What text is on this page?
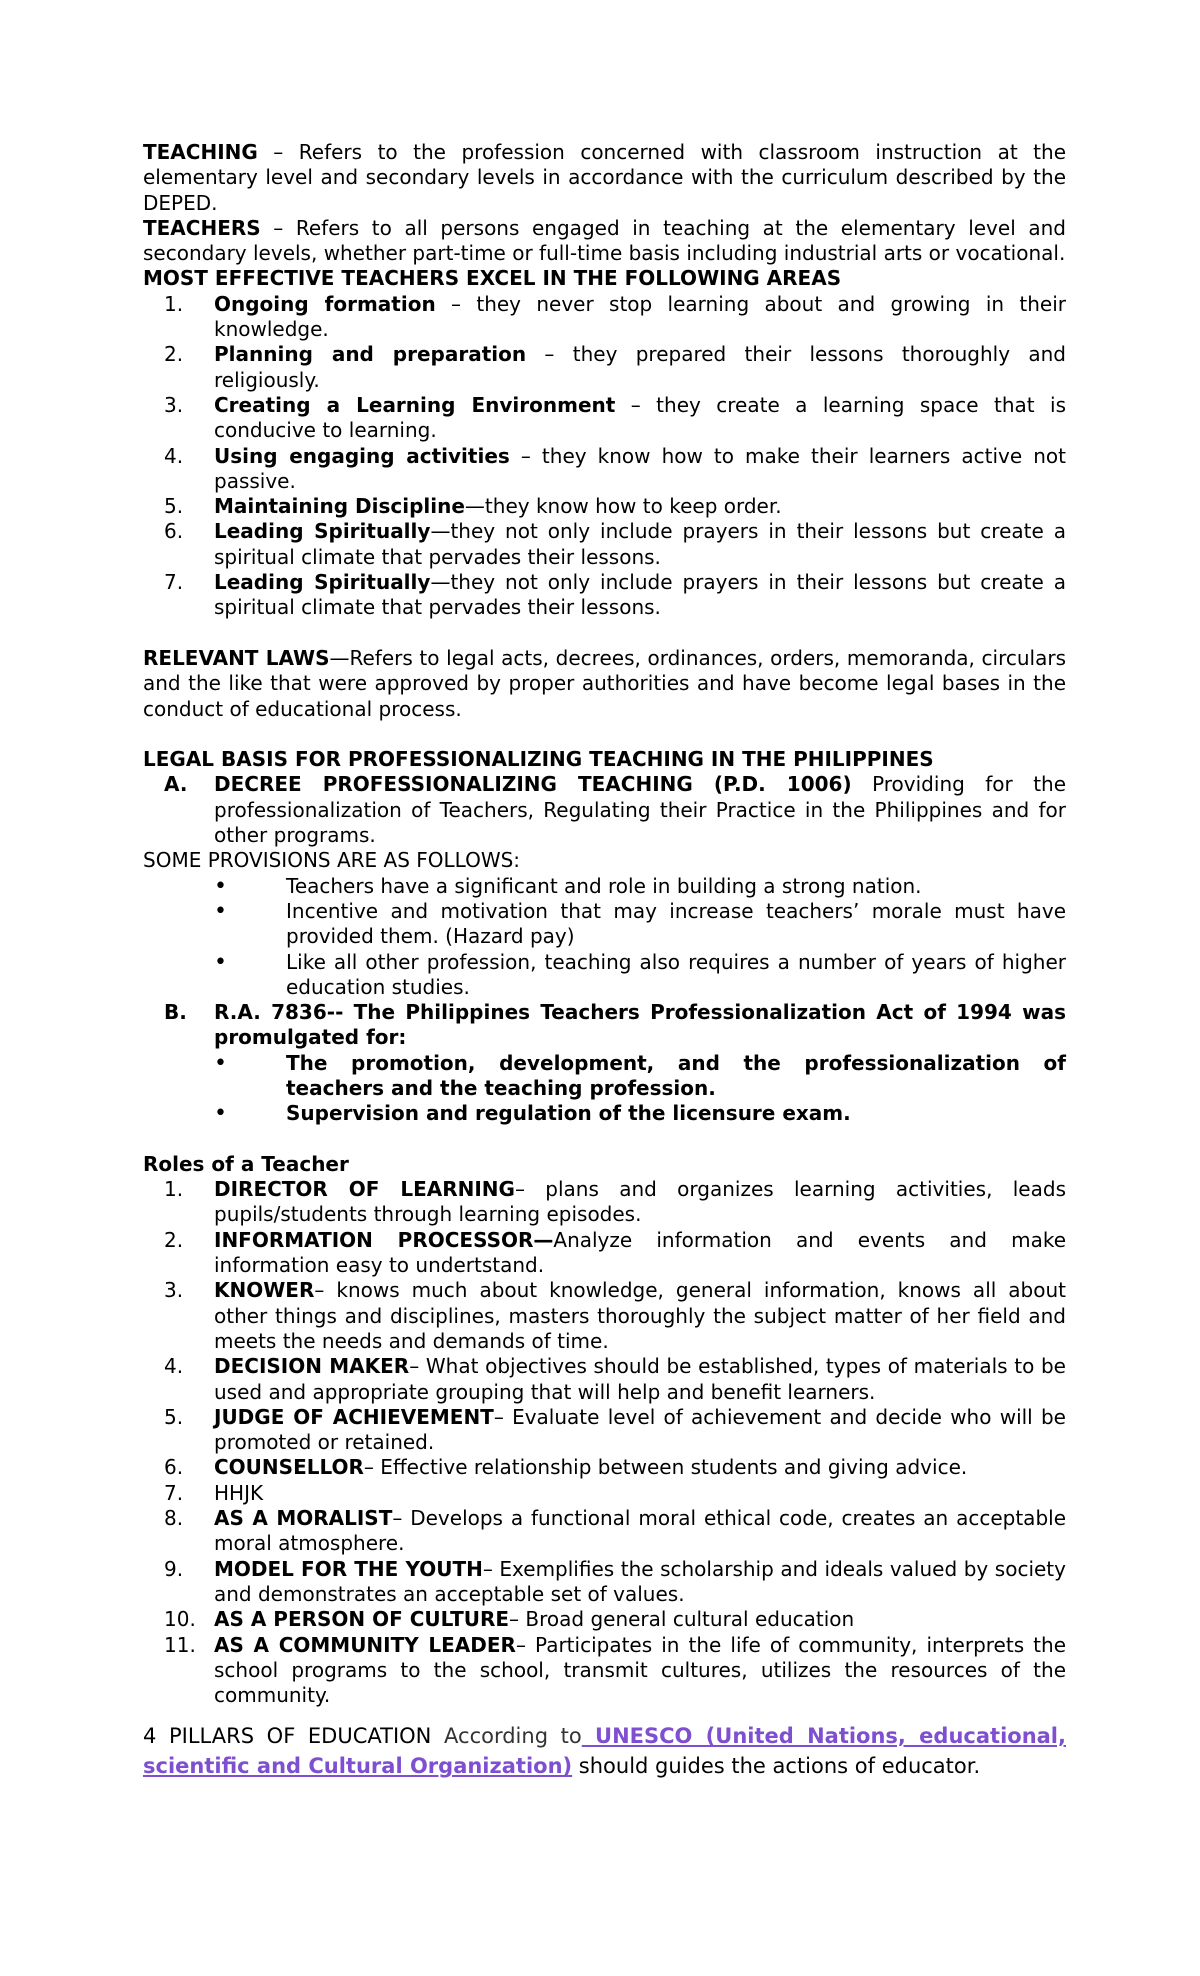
TEACHING – Refers to the profession concerned with classroom instruction at the elementary level and secondary levels in accordance with the curriculum described by the DEPED.

TEACHERS – Refers to all persons engaged in teaching at the elementary level and secondary levels, whether part-time or full-time basis including industrial arts or vocational.

MOST EFFECTIVE TEACHERS EXCEL IN THE FOLLOWING AREAS

1.	Ongoing formation – they never stop learning about and growing in their knowledge.
2.	Planning and preparation – they prepared their lessons thoroughly and religiously.
3.	Creating a Learning Environment – they create a learning space that is conducive to learning.
4.	Using engaging activities – they know how to make their learners active not passive.
5.	Maintaining Discipline—they know how to keep order.
6.	Leading Spiritually—they not only include prayers in their lessons but create a spiritual climate that pervades their lessons.
7.	Leading Spiritually—they not only include prayers in their lessons but create a spiritual climate that pervades their lessons.

RELEVANT LAWS—Refers to legal acts, decrees, ordinances, orders, memoranda, circulars and the like that were approved by proper authorities and have become legal bases in the conduct of educational process.

LEGAL BASIS FOR PROFESSIONALIZING TEACHING IN THE PHILIPPINES

A.	DECREE PROFESSIONALIZING TEACHING (P.D. 1006) Providing for the professionalization of Teachers, Regulating their Practice in the Philippines and for other programs.

SOME PROVISIONS ARE AS FOLLOWS:

•	Teachers have a significant and role in building a strong nation.
•	Incentive and motivation that may increase teachers’ morale must have provided them. (Hazard pay)
•	Like all other profession, teaching also requires a number of years of higher education studies.
B.	R.A. 7836-- The Philippines Teachers Professionalization Act of 1994 was promulgated for:
•	The promotion, development, and the professionalization of teachers and the teaching profession.
•	Supervision and regulation of the licensure exam.

Roles of a Teacher

1.	DIRECTOR OF LEARNING– plans and organizes learning activities, leads pupils/students through learning episodes.
2.	INFORMATION PROCESSOR—Analyze information and events and make information easy to undertstand.
3.	KNOWER– knows much about knowledge, general information, knows all about other things and disciplines, masters thoroughly the subject matter of her field and meets the needs and demands of time.
4.	DECISION MAKER– What objectives should be established, types of materials to be used and appropriate grouping that will help and benefit learners.
5.	JUDGE OF ACHIEVEMENT– Evaluate level of achievement and decide who will be promoted or retained.
6.	COUNSELLOR– Effective relationship between students and giving advice.
7.	HHJK
8.	AS A MORALIST– Develops a functional moral ethical code, creates an acceptable moral atmosphere.
9.	MODEL FOR THE YOUTH– Exemplifies the scholarship and ideals valued by society and demonstrates an acceptable set of values.
10. AS A PERSON OF CULTURE– Broad general cultural education
11. AS A COMMUNITY LEADER– Participates in the life of community, interprets the school programs to the school, transmit cultures, utilizes the resources of the community.

4 PILLARS OF EDUCATION According to UNESCO (United Nations, educational, scientific and Cultural Organization) should guides the actions of educator.
